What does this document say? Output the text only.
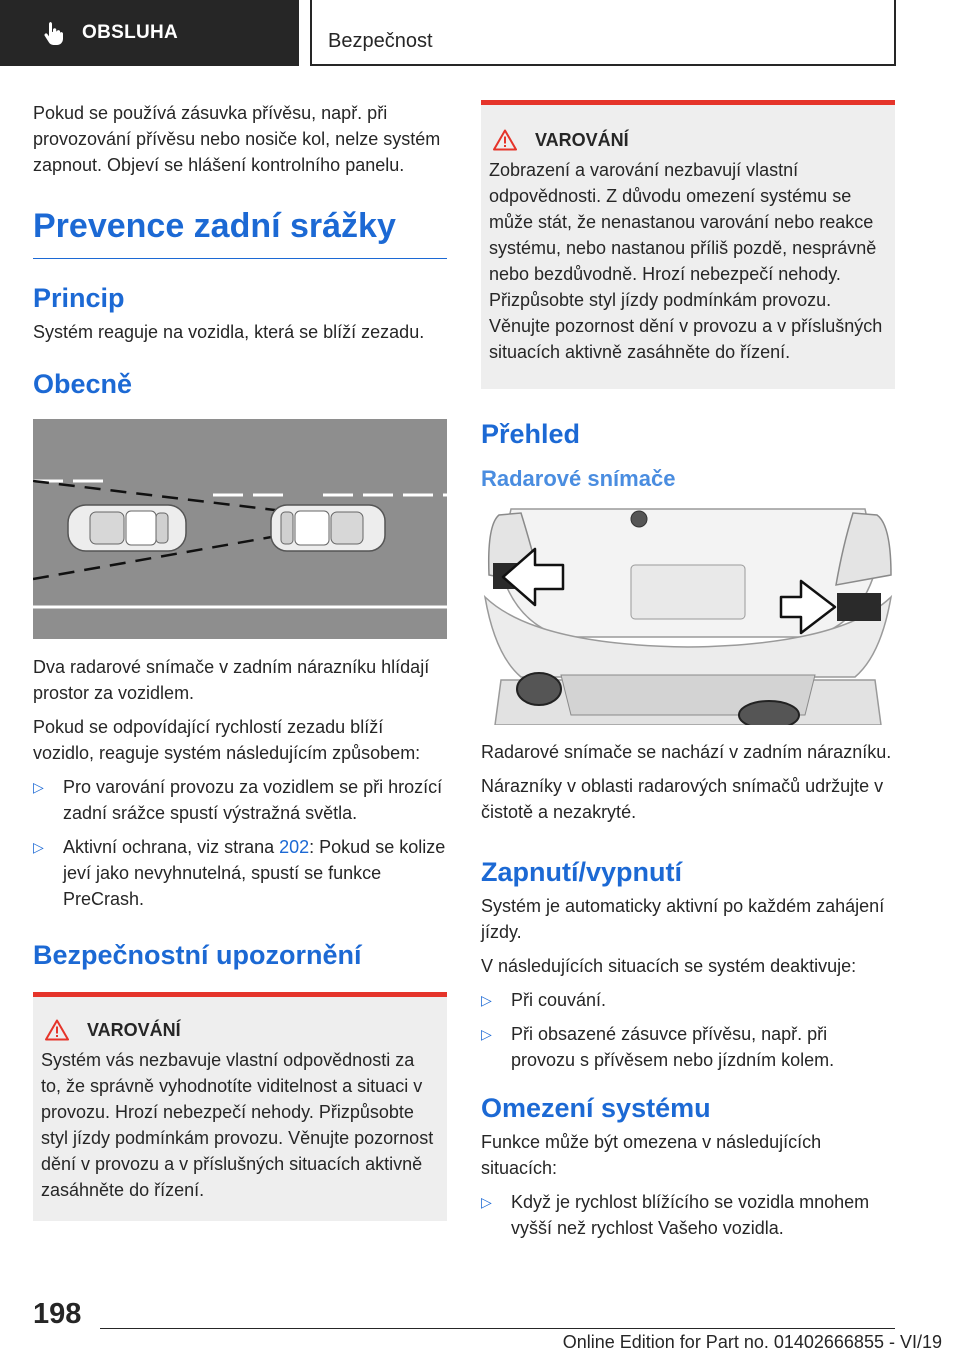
OBSLUHA	Bezpečnost

Pokud se používá zásuvka přívěsu, např. při provozování přívěsu nebo nosiče kol, nelze systém zapnout. Objeví se hlášení kontrolního panelu.

Prevence zadní srážky
Princip

Systém reaguje na vozidla, která se blíží zezadu.

Obecně

Dva radarové snímače v zadním nárazníku hlídají prostor za vozidlem.

Pokud se odpovídající rychlostí zezadu blíží vozidlo, reaguje systém následujícím způsobem:

▷ Pro varování provozu za vozidlem se při hrozící zadní srážce spustí výstražná světla.
▷ Aktivní ochrana, viz strana 202: Pokud se kolize jeví jako nevyhnutelná, spustí se funkce PreCrash.
Bezpečnostní upozornění
VAROVÁNÍ

Systém vás nezbavuje vlastní odpovědnosti za to, že správně vyhodnotíte viditelnost a situaci v provozu. Hrozí nebezpečí nehody. Přizpůsobte styl jízdy podmínkám provozu. Věnujte pozornost dění v provozu a v příslušných situacích aktivně zasáhněte do řízení.

VAROVÁNÍ

Zobrazení a varování nezbavují vlastní odpovědnosti. Z důvodu omezení systému se může stát, že nenastanou varování nebo reakce systému, nebo nastanou příliš pozdě, nesprávně nebo bezdůvodně. Hrozí nebezpečí nehody. Přizpůsobte styl jízdy podmínkám provozu. Věnujte pozornost dění v provozu a v příslušných situacích aktivně zasáhněte do řízení.

Přehled
Radarové snímače

Radarové snímače se nachází v zadním nárazníku.

Nárazníky v oblasti radarových snímačů udržujte v čistotě a nezakryté.

Zapnutí/vypnutí

Systém je automaticky aktivní po každém zahájení jízdy.

V následujících situacích se systém deaktivuje:

▷ Při couvání.
▷ Při obsazené zásuvce přívěsu, např. při provozu s přívěsem nebo jízdním kolem.
Omezení systému

Funkce může být omezena v následujících situacích:

▷ Když je rychlost blížícího se vozidla mnohem vyšší než rychlost Vašeho vozidla.
198
Online Edition for Part no. 01402666855 - VI/19
